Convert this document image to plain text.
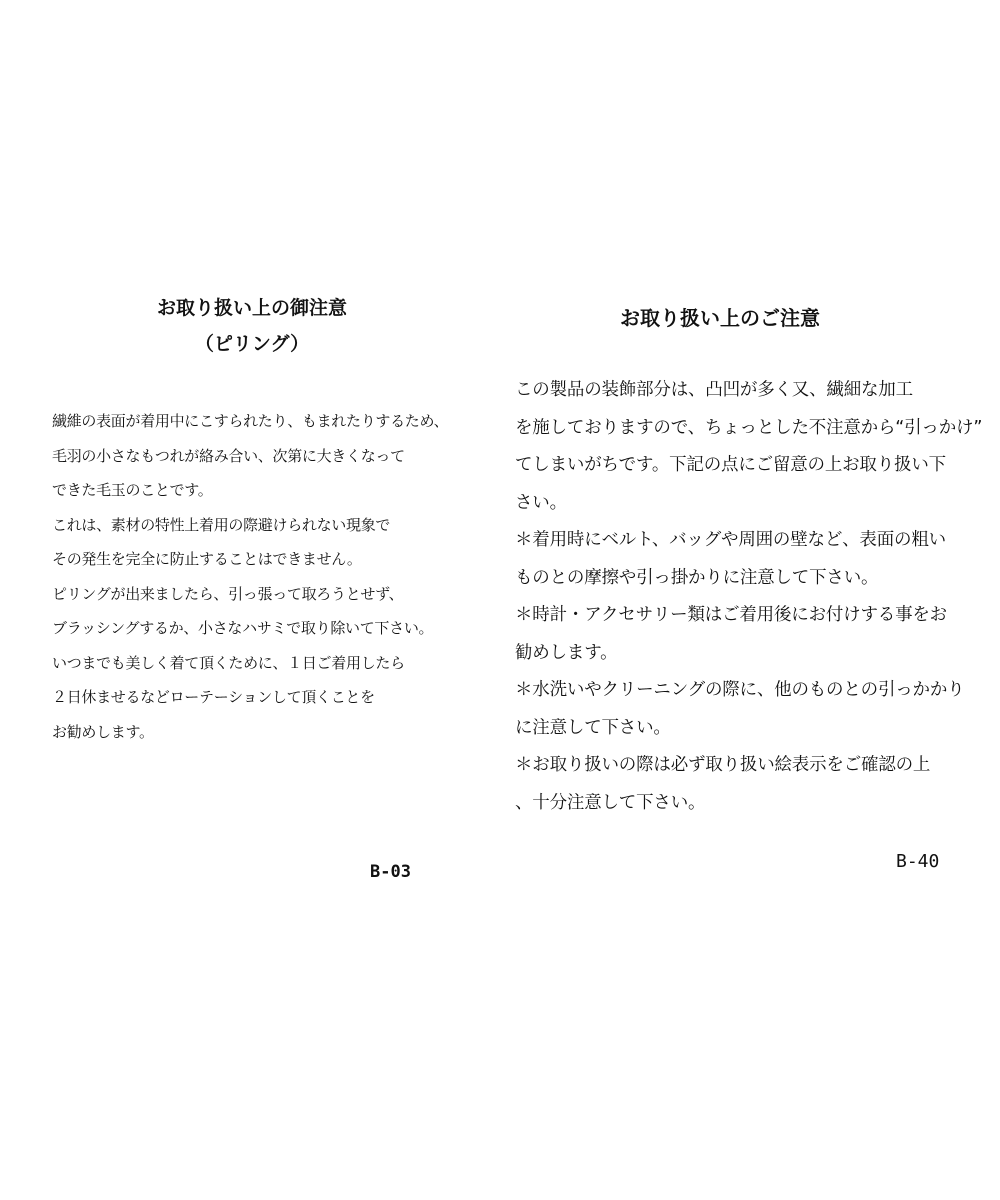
お取り扱い上の御注意
（ピリング）
繊維の表面が着用中にこすられたり、もまれたりするため、
毛羽の小さなもつれが絡み合い、次第に大きくなって
できた毛玉のことです。
これは、素材の特性上着用の際避けられない現象で
その発生を完全に防止することはできません。
ピリングが出来ましたら、引っ張って取ろうとせず、
ブラッシングするか、小さなハサミで取り除いて下さい。
いつまでも美しく着て頂くために、１日ご着用したら
２日休ませるなどローテーションして頂くことを
お勧めします。
B-03
お取り扱い上のご注意
この製品の装飾部分は、凸凹が多く又、繊細な加工
を施しておりますので、ちょっとした不注意から“引っかけ”
てしまいがちです。下記の点にご留意の上お取り扱い下
さい。
＊着用時にベルト、バッグや周囲の壁など、表面の粗い
ものとの摩擦や引っ掛かりに注意して下さい。
＊時計・アクセサリー類はご着用後にお付けする事をお
勧めします。
＊水洗いやクリーニングの際に、他のものとの引っかかり
に注意して下さい。
＊お取り扱いの際は必ず取り扱い絵表示をご確認の上
、十分注意して下さい。
B-40
